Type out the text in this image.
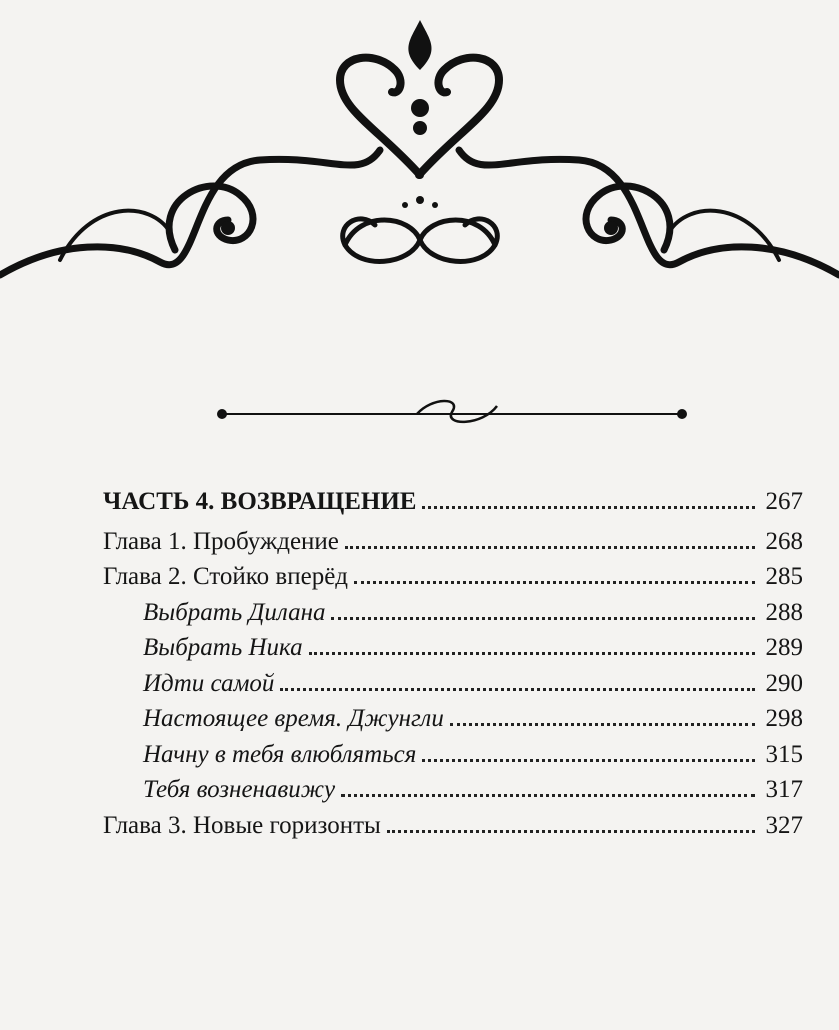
ЧАСТЬ 4. ВОЗВРАЩЕНИЕ	267
Глава 1. Пробуждение	268
Глава 2. Стойко вперёд	285
Выбрать Дилана	288
Выбрать Ника	289
Идти самой	290
Настоящее время. Джунгли	298
Начну в тебя влюбляться	315
Тебя возненавижу	317
Глава 3. Новые горизонты	327
